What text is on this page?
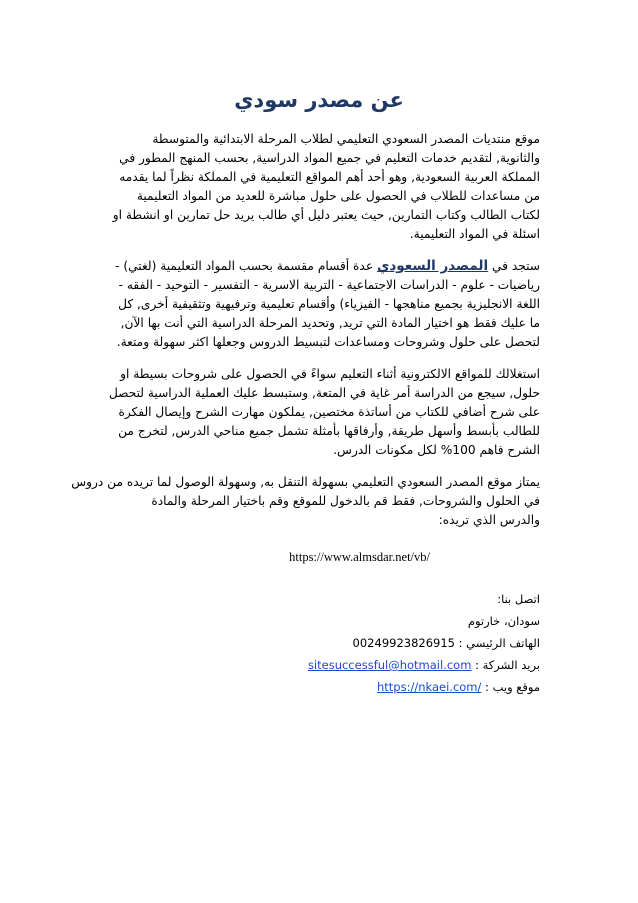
عن مصدر سودي
موقع منتديات المصدر السعودي التعليمي لطلاب المرحلة الابتدائية والمتوسطة
والثانوية, لتقديم خدمات التعليم في جميع المواد الدراسية, بحسب المنهج المطور في
المملكة العربية السعودية, وهو أحد أهم المواقع التعليمية في المملكة نظراً لما يقدمه
من مساعدات للطلاب في الحصول على حلول مباشرة للعديد من المواد التعليمية
لكتاب الطالب وكتاب التمارين, حيث يعتبر دليل أي طالب يريد حل تمارين او انشطة او
اسئلة في المواد التعليمية.
ستجد في المصدر السعودي عدة أقسام مقسمة بحسب المواد التعليمية (لغتي) -
رياضيات - علوم - الدراسات الاجتماعية - التربية الاسرية - التفسير - التوحيد - الفقه -
اللغة الانجليزية بجميع مناهجها - الفيزياء) وأقسام تعليمية وترفيهية وتثقيفية أخرى, كل
ما عليك فقط هو اختيار المادة التي تريد, وتحديد المرحلة الدراسية التي أنت بها الآن,
لتحصل على حلول وشروحات ومساعدات لتبسيط الدروس وجعلها اكثر سهولة ومتعة.
استغلالك للمواقع الالكترونية أثناء التعليم سواءً في الحصول على شروحات بسيطة او
حلول, سيجع من الدراسة أمر غاية في المتعة, وستبسط عليك العملية الدراسية لتحصل
على شرح أضافي للكتاب من أساتذة مختصين, يملكون مهارت الشرح وإيصال الفكرة
للطالب بأبسط وأسهل طريقة, وأرفاقها بأمثلة تشمل جميع مناحي الدرس, لتخرج من
الشرح فاهم 100% لكل مكونات الدرس.
يمتاز موقع المصدر السعودي التعليمي بسهولة التنقل به, وسهولة الوصول لما تريده من دروس
في الحلول والشروحات, فقط قم بالدخول للموقع وقم باختيار المرحلة والمادة
والدرس الذي تريده:
https://www.almsdar.net/vb/
اتصل بنا:
سودان، خارتوم
الهاتف الرئيسي : 00249923826915
بريد الشركة : sitesuccessful@hotmail.com
موقع ويب : https://nkaei.com/
